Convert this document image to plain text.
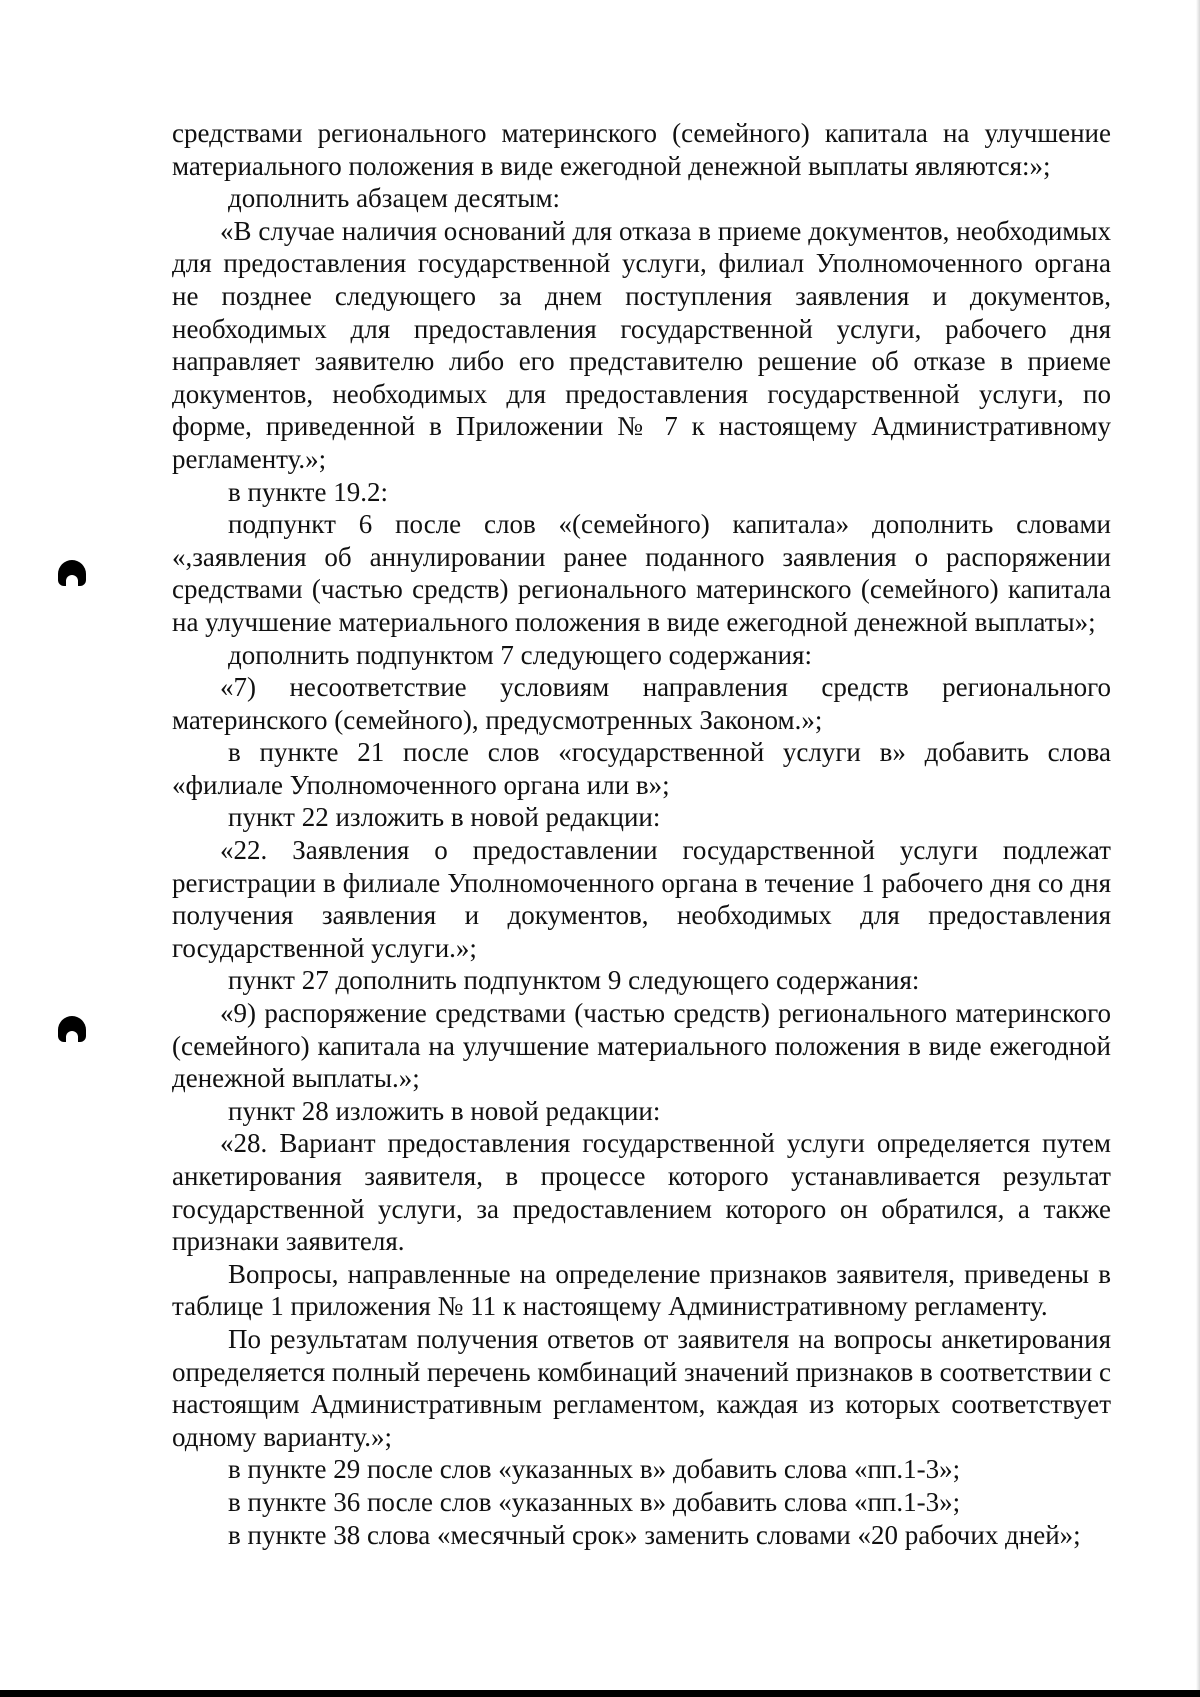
средствами регионального материнского (семейного) капитала на улучшение материального положения в виде ежегодной денежной выплаты являются:»;

дополнить абзацем десятым:

«В случае наличия оснований для отказа в приеме документов, необходимых для предоставления государственной услуги, филиал Уполномоченного органа не позднее следующего за днем поступления заявления и документов, необходимых для предоставления государственной услуги, рабочего дня направляет заявителю либо его представителю решение об отказе в приеме документов, необходимых для предоставления государственной услуги, по форме, приведенной в Приложении № 7 к настоящему Административному регламенту.»;

в пункте 19.2:

подпункт 6 после слов «(семейного) капитала» дополнить словами «,заявления об аннулировании ранее поданного заявления о распоряжении средствами (частью средств) регионального материнского (семейного) капитала на улучшение материального положения в виде ежегодной денежной выплаты»;

дополнить подпунктом 7 следующего содержания:

«7) несоответствие условиям направления средств регионального материнского (семейного), предусмотренных Законом.»;

в пункте 21 после слов «государственной услуги в» добавить слова «филиале Уполномоченного органа или в»;

пункт 22 изложить в новой редакции:

«22. Заявления о предоставлении государственной услуги подлежат регистрации в филиале Уполномоченного органа в течение 1 рабочего дня со дня получения заявления и документов, необходимых для предоставления государственной услуги.»;

пункт 27 дополнить подпунктом 9 следующего содержания:

«9) распоряжение средствами (частью средств) регионального материнского (семейного) капитала на улучшение материального положения в виде ежегодной денежной выплаты.»;

пункт 28 изложить в новой редакции:

«28. Вариант предоставления государственной услуги определяется путем анкетирования заявителя, в процессе которого устанавливается результат государственной услуги, за предоставлением которого он обратился, а также признаки заявителя.

Вопросы, направленные на определение признаков заявителя, приведены в таблице 1 приложения № 11 к настоящему Административному регламенту.

По результатам получения ответов от заявителя на вопросы анкетирования определяется полный перечень комбинаций значений признаков в соответствии с настоящим Административным регламентом, каждая из которых соответствует одному варианту.»;

в пункте 29 после слов «указанных в» добавить слова «пп.1-3»;

в пункте 36 после слов «указанных в» добавить слова «пп.1-3»;

в пункте 38 слова «месячный срок» заменить словами «20 рабочих дней»;
